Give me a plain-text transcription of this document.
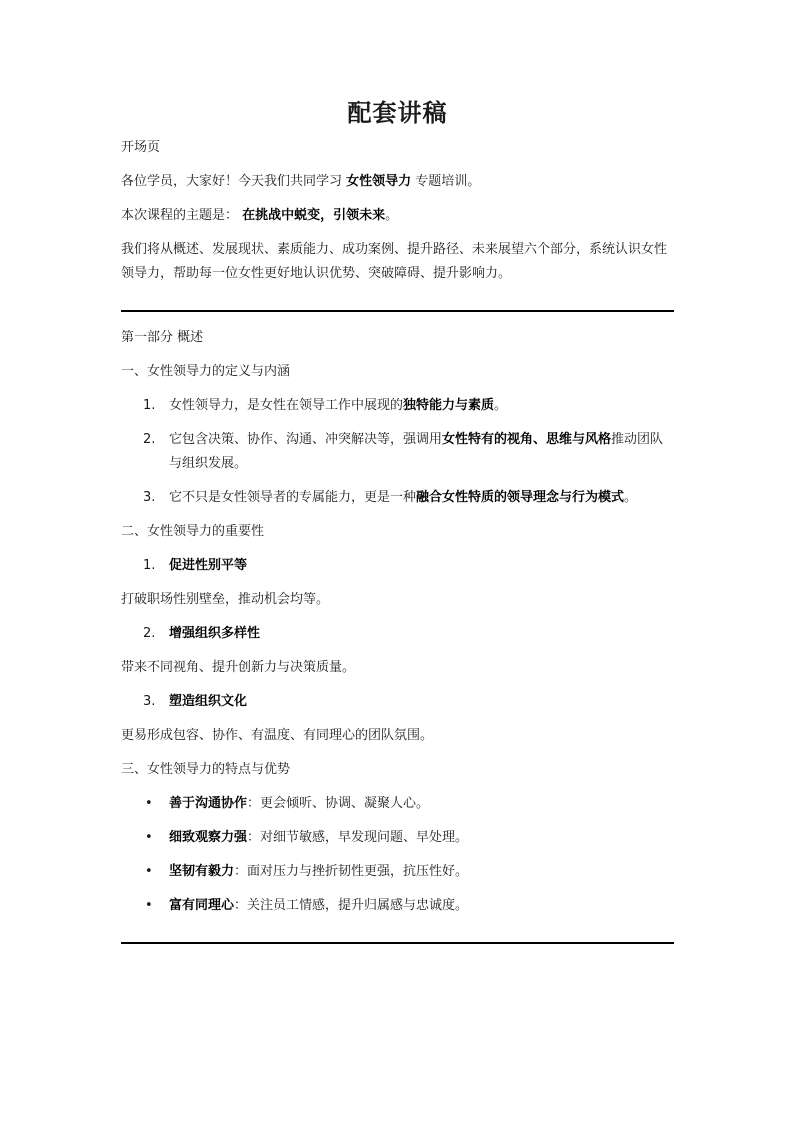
配套讲稿

开场页

各位学员，大家好！今天我们共同学习 女性领导力 专题培训。

本次课程的主题是： 在挑战中蜕变，引领未来。

我们将从概述、发展现状、素质能力、成功案例、提升路径、未来展望六个部分，系统认识女性领导力，帮助每一位女性更好地认识优势、突破障碍、提升影响力。

第一部分 概述

一、女性领导力的定义与内涵

1. 女性领导力，是女性在领导工作中展现的独特能力与素质。
2. 它包含决策、协作、沟通、冲突解决等，强调用女性特有的视角、思维与风格推动团队与组织发展。
3. 它不只是女性领导者的专属能力，更是一种融合女性特质的领导理念与行为模式。

二、女性领导力的重要性

1. 促进性别平等

打破职场性别壁垒，推动机会均等。

2. 增强组织多样性

带来不同视角、提升创新力与决策质量。

3. 塑造组织文化

更易形成包容、协作、有温度、有同理心的团队氛围。

三、女性领导力的特点与优势

• 善于沟通协作：更会倾听、协调、凝聚人心。
• 细致观察力强：对细节敏感，早发现问题、早处理。
• 坚韧有毅力：面对压力与挫折韧性更强，抗压性好。
• 富有同理心：关注员工情感，提升归属感与忠诚度。
